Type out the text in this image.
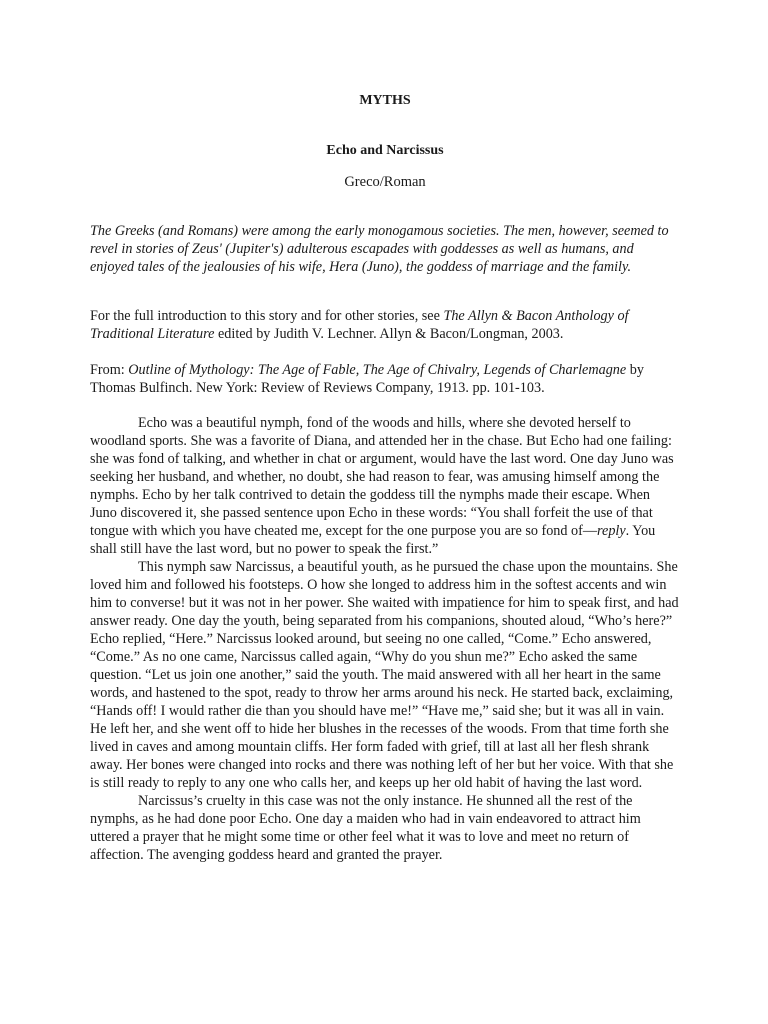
MYTHS
Echo and Narcissus
Greco/Roman

The Greeks (and Romans) were among the early monogamous societies. The men, however, seemed to revel in stories of Zeus' (Jupiter's) adulterous escapades with goddesses as well as humans, and enjoyed tales of the jealousies of his wife, Hera (Juno), the goddess of marriage and the family.

For the full introduction to this story and for other stories, see The Allyn & Bacon Anthology of Traditional Literature edited by Judith V. Lechner. Allyn & Bacon/Longman, 2003.

From: Outline of Mythology: The Age of Fable, The Age of Chivalry, Legends of Charlemagne by Thomas Bulfinch. New York: Review of Reviews Company, 1913. pp. 101-103.

Echo was a beautiful nymph, fond of the woods and hills, where she devoted herself to woodland sports. She was a favorite of Diana, and attended her in the chase. But Echo had one failing: she was fond of talking, and whether in chat or argument, would have the last word. One day Juno was seeking her husband, and whether, no doubt, she had reason to fear, was amusing himself among the nymphs. Echo by her talk contrived to detain the goddess till the nymphs made their escape. When Juno discovered it, she passed sentence upon Echo in these words: “You shall forfeit the use of that tongue with which you have cheated me, except for the one purpose you are so fond of—reply. You shall still have the last word, but no power to speak the first.”

This nymph saw Narcissus, a beautiful youth, as he pursued the chase upon the mountains. She loved him and followed his footsteps. O how she longed to address him in the softest accents and win him to converse! but it was not in her power. She waited with impatience for him to speak first, and had answer ready. One day the youth, being separated from his companions, shouted aloud, “Who’s here?” Echo replied, “Here.” Narcissus looked around, but seeing no one called, “Come.” Echo answered, “Come.” As no one came, Narcissus called again, “Why do you shun me?” Echo asked the same question. “Let us join one another,” said the youth. The maid answered with all her heart in the same words, and hastened to the spot, ready to throw her arms around his neck. He started back, exclaiming, “Hands off! I would rather die than you should have me!” “Have me,” said she; but it was all in vain. He left her, and she went off to hide her blushes in the recesses of the woods. From that time forth she lived in caves and among mountain cliffs. Her form faded with grief, till at last all her flesh shrank away. Her bones were changed into rocks and there was nothing left of her but her voice. With that she is still ready to reply to any one who calls her, and keeps up her old habit of having the last word.

Narcissus’s cruelty in this case was not the only instance. He shunned all the rest of the nymphs, as he had done poor Echo. One day a maiden who had in vain endeavored to attract him uttered a prayer that he might some time or other feel what it was to love and meet no return of affection. The avenging goddess heard and granted the prayer.
